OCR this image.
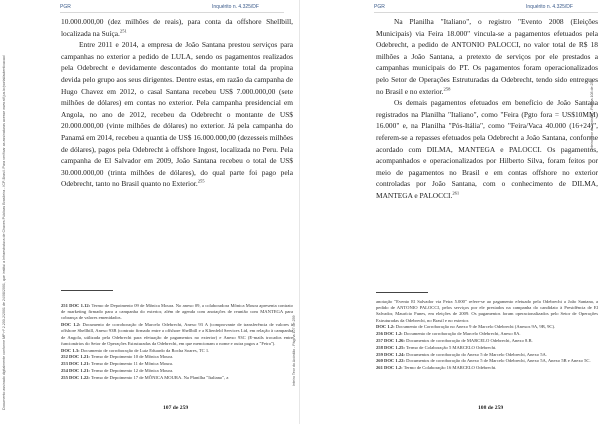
Documento assinado digitalmente conforme MP nº 2.200-2/2001 de 24/08/2001, que institui a Infraestrutura de Chaves Públicas Brasileira - ICP-Brasil. Para verificar as assinaturas acesse www.stf.jus.br/portal/autenticacao/
PGR	Inquérito n. 4.325/DF

10.000.000,00 (dez milhões de reais), para conta da offshore Shellbill, localizada na Suíça.$^{251}$

Entre 2011 e 2014, a empresa de João Santana prestou serviços para campanhas no exterior a pedido de LULA, sendo os pagamentos realizados pela Odebrecht e devidamente descontados do montante total da propina devida pelo grupo aos seus dirigentes. Dentre estas, em razão da campanha de Hugo Chavez em 2012, o casal Santana recebeu US$ 7.000.000,00 (sete milhões de dólares) em contas no exterior. Pela campanha presidencial em Angola, no ano de 2012, recebeu da Odebrecht o montante de US$ 20.000.000,00 (vinte milhões de dólares) no exterior. Já pela campanha do Panamá em 2014, recebeu a quantia de US$ 16.000.000,00 (dezesseis milhões de dólares), pagos pela Odebrecht à offshore Ingost, localizada no Peru. Pela campanha de El Salvador em 2009, João Santana recebeu o total de US$ 30.000.000,00 (trinta milhões de dólares), do qual parte foi pago pela Odebrecht, tanto no Brasil quanto no Exterior.$^{255}$

251 DOC 1.12: Termo de Depoimento 09 de Mônica Moura. No anexo 09, a colaboradora Mônica Moura apresenta contrato de marketing firmado para a campanha do exterior, além de agenda com anotações de reunião com MANTEGA para cobrança de valores emenidados.
DOC 1.2: Documento de corroboração de Marcelo Odebrecht, Anexo 93 A (comprovante de transferência de valores à offshore Shellbill, Anexo 93B (contrato firmado entre a offshore Shellbill e a Klienfeld Services Ltd, em relação à campanha de Angola, utilizada pela Odebrecht para efetuação de pagamentos no exterior) e Anexo 93C (E-mails trocados entre funcionários do Setor de Operações Estruturadas da Odebrecht, em que mencionam o nome e outra pagos a "Feira").
DOC 1.3: Documento de corroboração de Luiz Eduardo da Rocha Soares, TC 1.
252 DOC 1.21: Termo de Depoimento 10 de Mônica Moura.
253 DOC 1.21: Termo de Depoimento 11 de Mônica Moura.
254 DOC 1.21: Termo de Depoimento 12 de Mônica Moura.
255 DOC 1.22: Termo de Depoimento 17 de MÔNICA MOURA. Na Planilha "Italiano", a	Inteiro Teor do Acórdão - Página 107 de 259
107 de 259
PGR	Inquérito n. 4.325/DF

Na Planilha "Italiano", o registro "Evento 2008 (Eleições Municipais) via Feira 18.000" vincula-se a pagamentos efetuados pela Odebrecht, a pedido de ANTONIO PALOCCI, no valor total de R$ 18 milhões a João Santana, a pretexto de serviços por ele prestados a campanhas municipais do PT. Os pagamentos foram operacionalizados pelo Setor de Operações Estruturadas da Odebrecht, tendo sido entregues no Brasil e no exterior.$^{258}$

Os demais pagamentos efetuados em benefício de João Santana registrados na Planilha "Italiano", como "Feira (Pgto fora = US$10MM) 16.000" e, na Planilha "Pós-Itália", como "Feira/Vaca 40.000 (16+24)", referem-se a repasses efetuados pela Odebrecht a João Santana, conforme acordado com DILMA, MANTEGA e PALOCCI. Os pagamentos, acompanhados e operacionalizados por Hilberto Silva, foram feitos por meio de pagamentos no Brasil e em contas offshore no exterior controladas por João Santana, com o conhecimento de DILMA, MANTEGA e PALOCCI.$^{261}$

anotação "Evento El Salvador via Feira 5.000" refere-se ao pagamento efetuado pela Odebrecht a João Santana, a pedido de ANTONIO PALOCCI, pelos serviços por ele prestados na campanha do candidato à Presidência de El Salvador, Maurício Funes, em eleições de 2009. Os pagamentos foram operacionalizados pelo Setor de Operações Estruturadas da Odebrecht, no Brasil e no exterior.
DOC 1.2: Documento de Corroboração no Anexo 9 de Marcelo Odebrecht (Anexos 9A, 9B, 9C).
256 DOC 1.2: Documento de corroboração de Marcelo Odebrecht, Anexo 8A.
257 DOC 1.26: Documentos de corroboração de MARCELO Odebrecht, Anexo 8.B.
258 DOC 1.25: Termo de Colaboração 5 MARCELO Odebrecht.
259 DOC 1.24: Documentos de corroboração do Anexo 5 de Marcelo Odebrecht, Anexo 5A.
260 DOC 1.22: Documentos de corroboração do Anexo 5 de Marcelo Odebrecht, Anexo 5A, Anexo 5B e Anexo 5C.
261 DOC 1.2: Termo de Colaboração 16 MARCELO Odebrecht.
Inteiro Teor do Acórdão - Página 108 de 259
108 de 259
